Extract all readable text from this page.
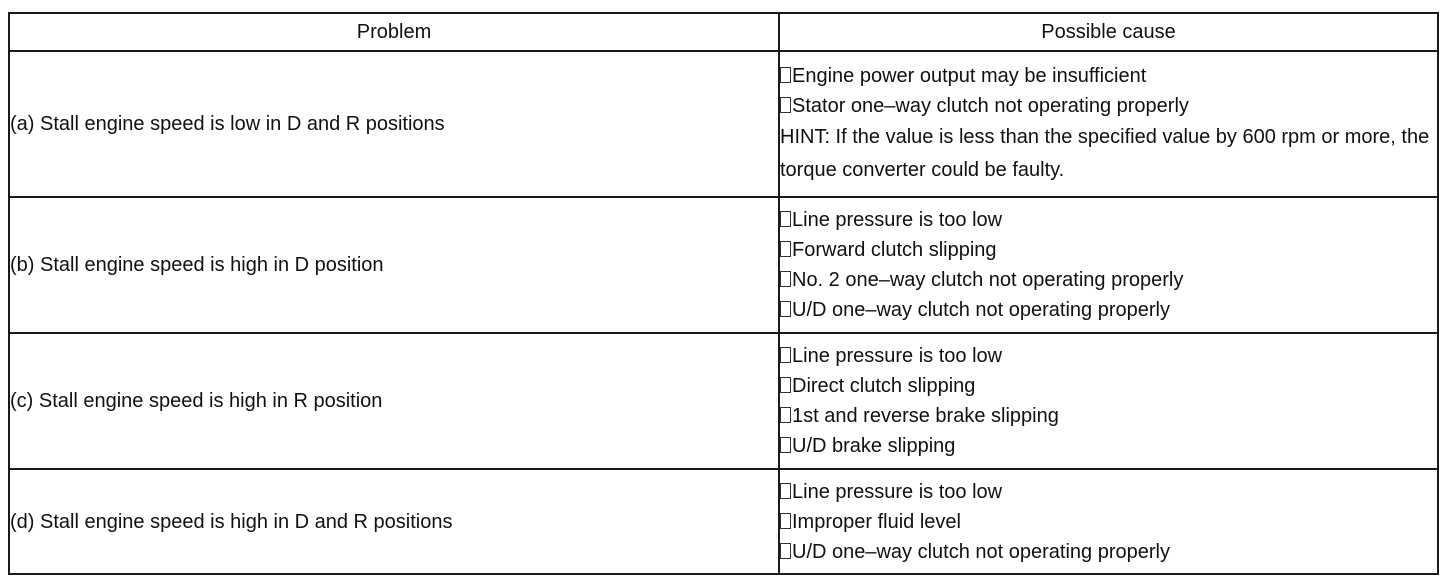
Problem	Possible cause
(a) Stall engine speed is low in D and R positions	Engine power output may be insufficient
Stator one–way clutch not operating properly
HINT: If the value is less than the specified value by 600 rpm or more, the torque converter could be faulty.

(b) Stall engine speed is high in D position	Line pressure is too low
Forward clutch slipping
No. 2 one–way clutch not operating properly
U/D one–way clutch not operating properly

(c) Stall engine speed is high in R position	Line pressure is too low
Direct clutch slipping
1st and reverse brake slipping
U/D brake slipping

(d) Stall engine speed is high in D and R positions	Line pressure is too low
Improper fluid level
U/D one–way clutch not operating properly
